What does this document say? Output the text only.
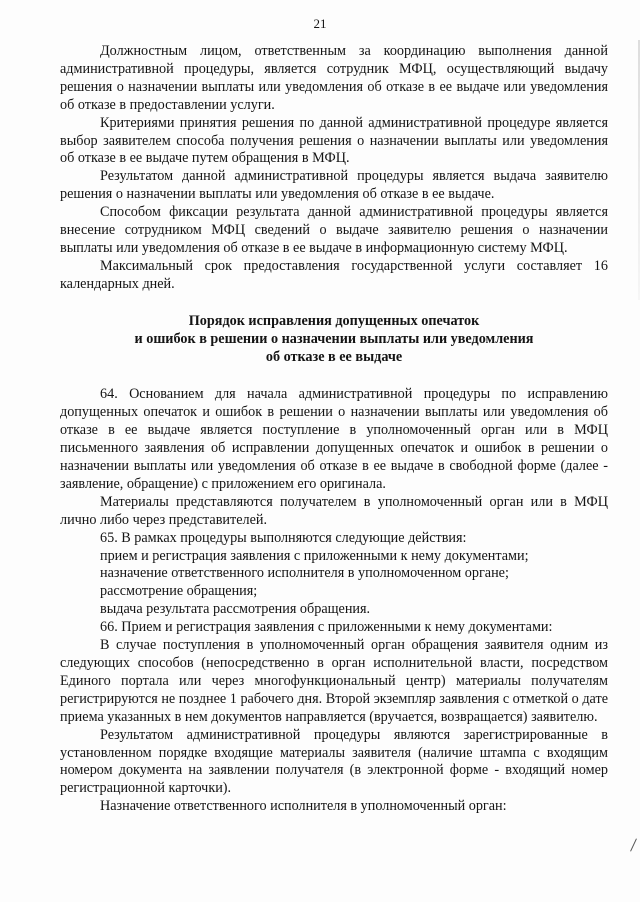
21

Должностным лицом, ответственным за координацию выполнения данной административной процедуры, является сотрудник МФЦ, осуществляющий выдачу решения о назначении выплаты или уведомления об отказе в ее выдаче или уведомления об отказе в предоставлении услуги.

Критериями принятия решения по данной административной процедуре является выбор заявителем способа получения решения о назначении выплаты или уведомления об отказе в ее выдаче путем обращения в МФЦ.

Результатом данной административной процедуры является выдача заявителю решения о назначении выплаты или уведомления об отказе в ее выдаче.

Способом фиксации результата данной административной процедуры является внесение сотрудником МФЦ сведений о выдаче заявителю решения о назначении выплаты или уведомления об отказе в ее выдаче в информационную систему МФЦ.

Максимальный срок предоставления государственной услуги составляет 16 календарных дней.

Порядок исправления допущенных опечаток
и ошибок в решении о назначении выплаты или уведомления
об отказе в ее выдаче

64. Основанием для начала административной процедуры по исправлению допущенных опечаток и ошибок в решении о назначении выплаты или уведомления об отказе в ее выдаче является поступление в уполномоченный орган или в МФЦ письменного заявления об исправлении допущенных опечаток и ошибок в решении о назначении выплаты или уведомления об отказе в ее выдаче в свободной форме (далее - заявление, обращение) с приложением его оригинала.

Материалы представляются получателем в уполномоченный орган или в МФЦ лично либо через представителей.

65. В рамках процедуры выполняются следующие действия:

прием и регистрация заявления с приложенными к нему документами;

назначение ответственного исполнителя в уполномоченном органе;

рассмотрение обращения;

выдача результата рассмотрения обращения.

66. Прием и регистрация заявления с приложенными к нему документами:

В случае поступления в уполномоченный орган обращения заявителя одним из следующих способов (непосредственно в орган исполнительной власти, посредством Единого портала или через многофункциональный центр) материалы получателям регистрируются не позднее 1 рабочего дня. Второй экземпляр заявления с отметкой о дате приема указанных в нем документов направляется (вручается, возвращается) заявителю.

Результатом административной процедуры являются зарегистрированные в установленном порядке входящие материалы заявителя (наличие штампа с входящим номером документа на заявлении получателя (в электронной форме - входящий номер регистрационной карточки).

Назначение ответственного исполнителя в уполномоченный орган:
